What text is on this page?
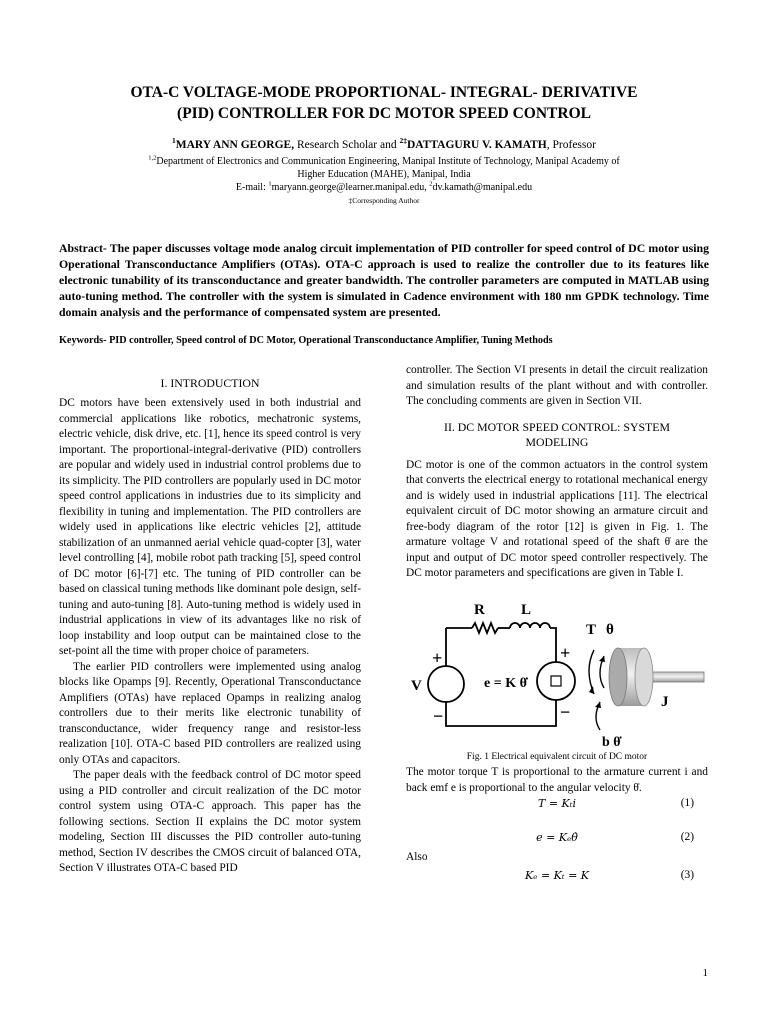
OTA-C VOLTAGE-MODE PROPORTIONAL- INTEGRAL- DERIVATIVE
(PID) CONTROLLER FOR DC MOTOR SPEED CONTROL
$^1$MARY ANN GEORGE, Research Scholar and $^{2\ddagger}$DATTAGURU V. KAMATH, Professor
$^{1,2}$Department of Electronics and Communication Engineering, Manipal Institute of Technology, Manipal Academy of
Higher Education (MAHE), Manipal, India
E-mail: $^1$maryann.george@learner.manipal.edu, $^2$dv.kamath@manipal.edu
‡Corresponding Author
Abstract- The paper discusses voltage mode analog circuit implementation of PID controller for speed control of DC motor using Operational Transconductance Amplifiers (OTAs). OTA-C approach is used to realize the controller due to its features like electronic tunability of its transconductance and greater bandwidth. The controller parameters are computed in MATLAB using auto-tuning method. The controller with the system is simulated in Cadence environment with 180 nm GPDK technology. Time domain analysis and the performance of compensated system are presented.
Keywords- PID controller, Speed control of DC Motor, Operational Transconductance Amplifier, Tuning Methods

I. INTRODUCTION

DC motors have been extensively used in both industrial and commercial applications like robotics, mechatronic systems, electric vehicle, disk drive, etc. [1], hence its speed control is very important. The proportional-integral-derivative (PID) controllers are popular and widely used in industrial control problems due to its simplicity. The PID controllers are popularly used in DC motor speed control applications in industries due to its simplicity and flexibility in tuning and implementation. The PID controllers are widely used in applications like electric vehicles [2], attitude stabilization of an unmanned aerial vehicle quad-copter [3], water level controlling [4], mobile robot path tracking [5], speed control of DC motor [6]-[7] etc. The tuning of PID controller can be based on classical tuning methods like dominant pole design, self-tuning and auto-tuning [8]. Auto-tuning method is widely used in industrial applications in view of its advantages like no risk of loop instability and loop output can be maintained close to the set-point all the time with proper choice of parameters.

The earlier PID controllers were implemented using analog blocks like Opamps [9]. Recently, Operational Transconductance Amplifiers (OTAs) have replaced Opamps in realizing analog controllers due to their merits like electronic tunability of transconductance, wider frequency range and resistor-less realization [10]. OTA-C based PID controllers are realized using only OTAs and capacitors.

The paper deals with the feedback control of DC motor speed using a PID controller and circuit realization of the DC motor control system using OTA-C approach. This paper has the following sections. Section II explains the DC motor system modeling, Section III discusses the PID controller auto-tuning method, Section IV describes the CMOS circuit of balanced OTA, Section V illustrates OTA-C based PID

controller. The Section VI presents in detail the circuit realization and simulation results of the plant without and with controller. The concluding comments are given in Section VII.

II. DC MOTOR SPEED CONTROL: SYSTEM

MODELING

DC motor is one of the common actuators in the control system that converts the electrical energy to rotational mechanical energy and is widely used in industrial applications [11]. The electrical equivalent circuit of DC motor showing an armature circuit and free-body diagram of the rotor [12] is given in Fig. 1. The armature voltage V and rotational speed of the shaft θ̇ are the input and output of DC motor speed controller respectively. The DC motor parameters and specifications are given in Table I.

R L
T θ
+
−
V	e = K θ̇
+
−	J
b θ̇

Fig. 1 Electrical equivalent circuit of DC motor

The motor torque T is proportional to the armature current i and back emf e is proportional to the angular velocity θ̇.

T = Kₜi	(1)
e = Kₑθ̇	(2)

Also

Kₑ = Kₜ = K	(3)
1
